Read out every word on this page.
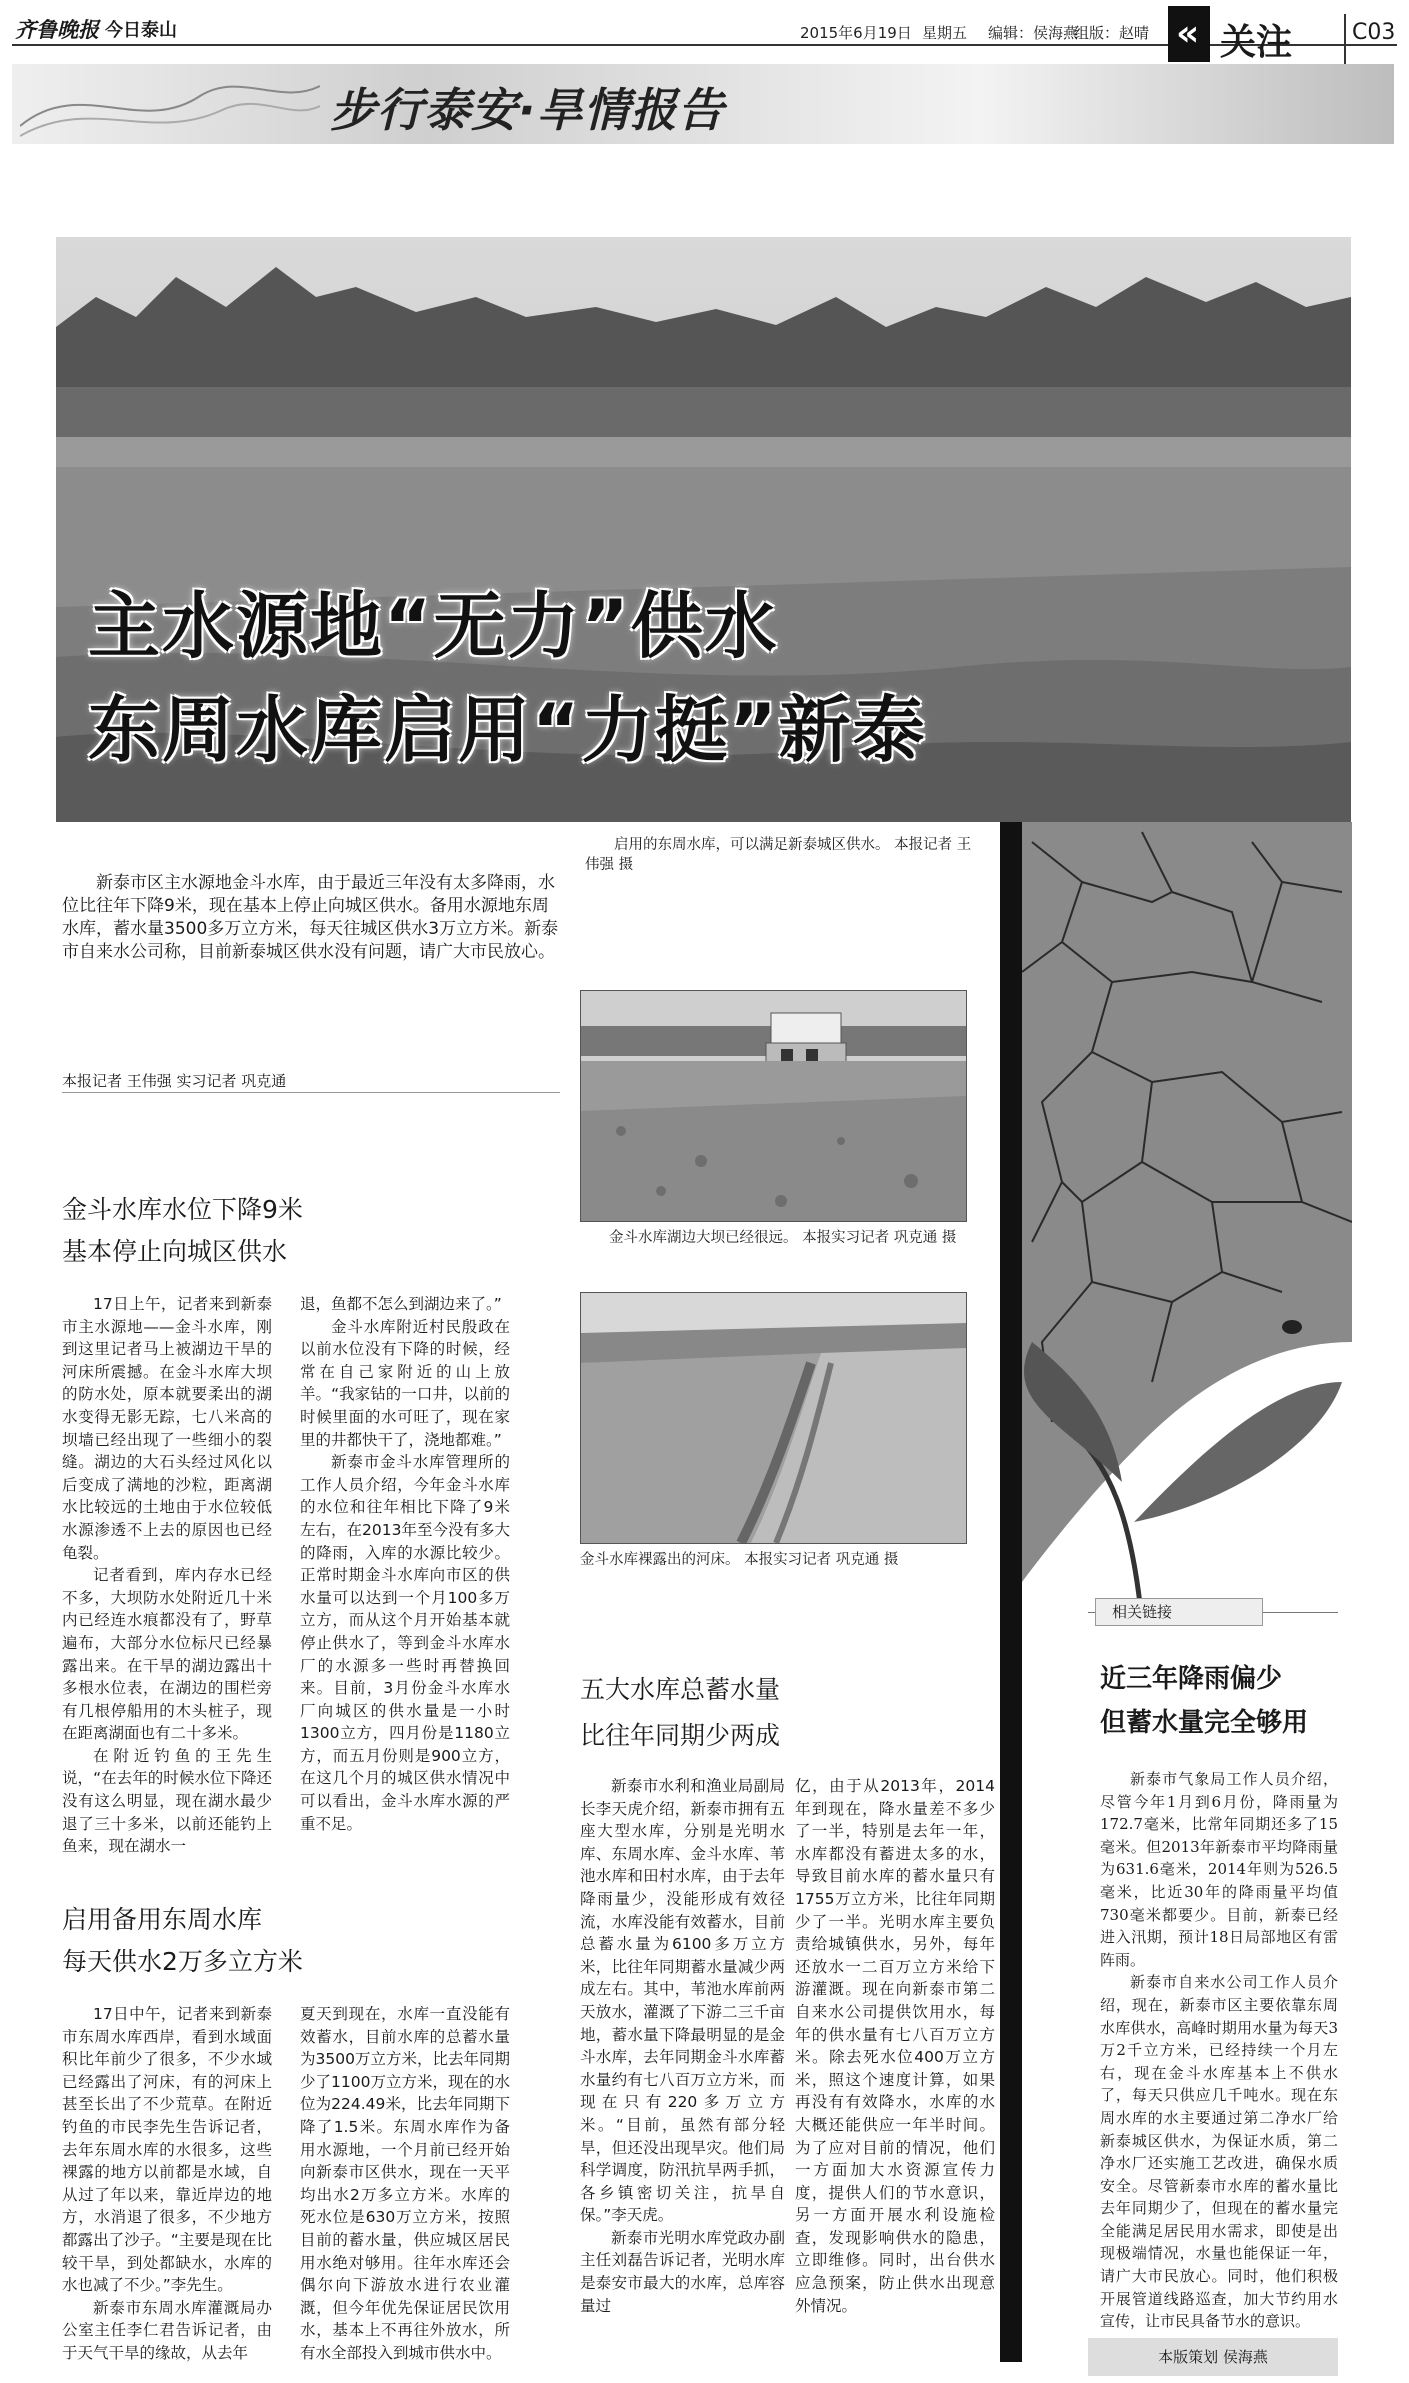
齐鲁晚报 今日泰山	2015年6月19日 星期五 编辑：侯海燕
组版：赵晴 « 关注	C03
步行泰安·旱情报告
主水源地“无力”供水
东周水库启用“力挺”新泰
新泰市区主水源地金斗水库，由于最近三年没有太多降雨，水位比往年下降9米，现在基本上停止向城区供水。备用水源地东周水库，蓄水量3500多万立方米，每天往城区供水3万立方米。新泰市自来水公司称，目前新泰城区供水没有问题，请广大市民放心。
本报记者 王伟强 实习记者 巩克通
启用的东周水库，可以满足新泰城区供水。 本报记者 王伟强 摄
金斗水库湖边大坝已经很远。 本报实习记者 巩克通 摄
金斗水库裸露出的河床。 本报实习记者 巩克通 摄
金斗水库水位下降9米
基本停止向城区供水

17日上午，记者来到新泰市主水源地——金斗水库，刚到这里记者马上被湖边干旱的河床所震撼。在金斗水库大坝的防水处，原本就要柔出的湖水变得无影无踪，七八米高的坝墙已经出现了一些细小的裂缝。湖边的大石头经过风化以后变成了满地的沙粒，距离湖水比较远的土地由于水位较低水源渗透不上去的原因也已经龟裂。

记者看到，库内存水已经不多，大坝防水处附近几十米内已经连水痕都没有了，野草遍布，大部分水位标尺已经暴露出来。在干旱的湖边露出十多根水位表，在湖边的围栏旁有几根停船用的木头桩子，现在距离湖面也有二十多米。

在附近钓鱼的王先生说，“在去年的时候水位下降还没有这么明显，现在湖水最少退了三十多米，以前还能钓上鱼来，现在湖水一

退，鱼都不怎么到湖边来了。”

金斗水库附近村民殷政在以前水位没有下降的时候，经常在自己家附近的山上放羊。“我家钻的一口井，以前的时候里面的水可旺了，现在家里的井都快干了，浇地都难。”

新泰市金斗水库管理所的工作人员介绍，今年金斗水库的水位和往年相比下降了9米左右，在2013年至今没有多大的降雨，入库的水源比较少。正常时期金斗水库向市区的供水量可以达到一个月100多万立方，而从这个月开始基本就停止供水了，等到金斗水库水厂的水源多一些时再替换回来。目前，3月份金斗水库水厂向城区的供水量是一小时1300立方，四月份是1180立方，而五月份则是900立方，在这几个月的城区供水情况中可以看出，金斗水库水源的严重不足。

启用备用东周水库
每天供水2万多立方米

17日中午，记者来到新泰市东周水库西岸，看到水域面积比年前少了很多，不少水域已经露出了河床，有的河床上甚至长出了不少荒草。在附近钓鱼的市民李先生告诉记者，去年东周水库的水很多，这些裸露的地方以前都是水域，自从过了年以来，靠近岸边的地方，水消退了很多，不少地方都露出了沙子。“主要是现在比较干旱，到处都缺水，水库的水也减了不少。”李先生。

新泰市东周水库灌溉局办公室主任李仁君告诉记者，由于天气干旱的缘故，从去年

夏天到现在，水库一直没能有效蓄水，目前水库的总蓄水量为3500万立方米，比去年同期少了1100万立方米，现在的水位为224.49米，比去年同期下降了1.5米。东周水库作为备用水源地，一个月前已经开始向新泰市区供水，现在一天平均出水2万多立方米。水库的死水位是630万立方米，按照目前的蓄水量，供应城区居民用水绝对够用。往年水库还会偶尔向下游放水进行农业灌溉，但今年优先保证居民饮用水，基本上不再往外放水，所有水全部投入到城市供水中。

五大水库总蓄水量
比往年同期少两成

新泰市水利和渔业局副局长李天虎介绍，新泰市拥有五座大型水库，分别是光明水库、东周水库、金斗水库、苇池水库和田村水库，由于去年降雨量少，没能形成有效径流，水库没能有效蓄水，目前总蓄水量为6100多万立方米，比往年同期蓄水量减少两成左右。其中，苇池水库前两天放水，灌溉了下游二三千亩地，蓄水量下降最明显的是金斗水库，去年同期金斗水库蓄水量约有七八百万立方米，而现在只有220多万立方米。“目前，虽然有部分轻旱，但还没出现旱灾。他们局科学调度，防汛抗旱两手抓，各乡镇密切关注，抗旱自保。”李天虎。

新泰市光明水库党政办副主任刘磊告诉记者，光明水库是泰安市最大的水库，总库容量过

亿，由于从2013年，2014年到现在，降水量差不多少了一半，特别是去年一年，水库都没有蓄进太多的水，导致目前水库的蓄水量只有1755万立方米，比往年同期少了一半。光明水库主要负责给城镇供水，另外，每年还放水一二百万立方米给下游灌溉。现在向新泰市第二自来水公司提供饮用水，每年的供水量有七八百万立方米。除去死水位400万立方米，照这个速度计算，如果再没有有效降水，水库的水大概还能供应一年半时间。为了应对目前的情况，他们一方面加大水资源宣传力度，提供人们的节水意识，另一方面开展水利设施检查，发现影响供水的隐患，立即维修。同时，出台供水应急预案，防止供水出现意外情况。

相关链接
近三年降雨偏少
但蓄水量完全够用

新泰市气象局工作人员介绍，尽管今年1月到6月份，降雨量为172.7毫米，比常年同期还多了15毫米。但2013年新泰市平均降雨量为631.6毫米，2014年则为526.5毫米，比近30年的降雨量平均值730毫米都要少。目前，新泰已经进入汛期，预计18日局部地区有雷阵雨。

新泰市自来水公司工作人员介绍，现在，新泰市区主要依靠东周水库供水，高峰时期用水量为每天3万2千立方米，已经持续一个月左右，现在金斗水库基本上不供水了，每天只供应几千吨水。现在东周水库的水主要通过第二净水厂给新泰城区供水，为保证水质，第二净水厂还实施工艺改进，确保水质安全。尽管新泰市水库的蓄水量比去年同期少了，但现在的蓄水量完全能满足居民用水需求，即使是出现极端情况，水量也能保证一年，请广大市民放心。同时，他们积极开展管道线路巡查，加大节约用水宣传，让市民具备节水的意识。

本版策划 侯海燕
